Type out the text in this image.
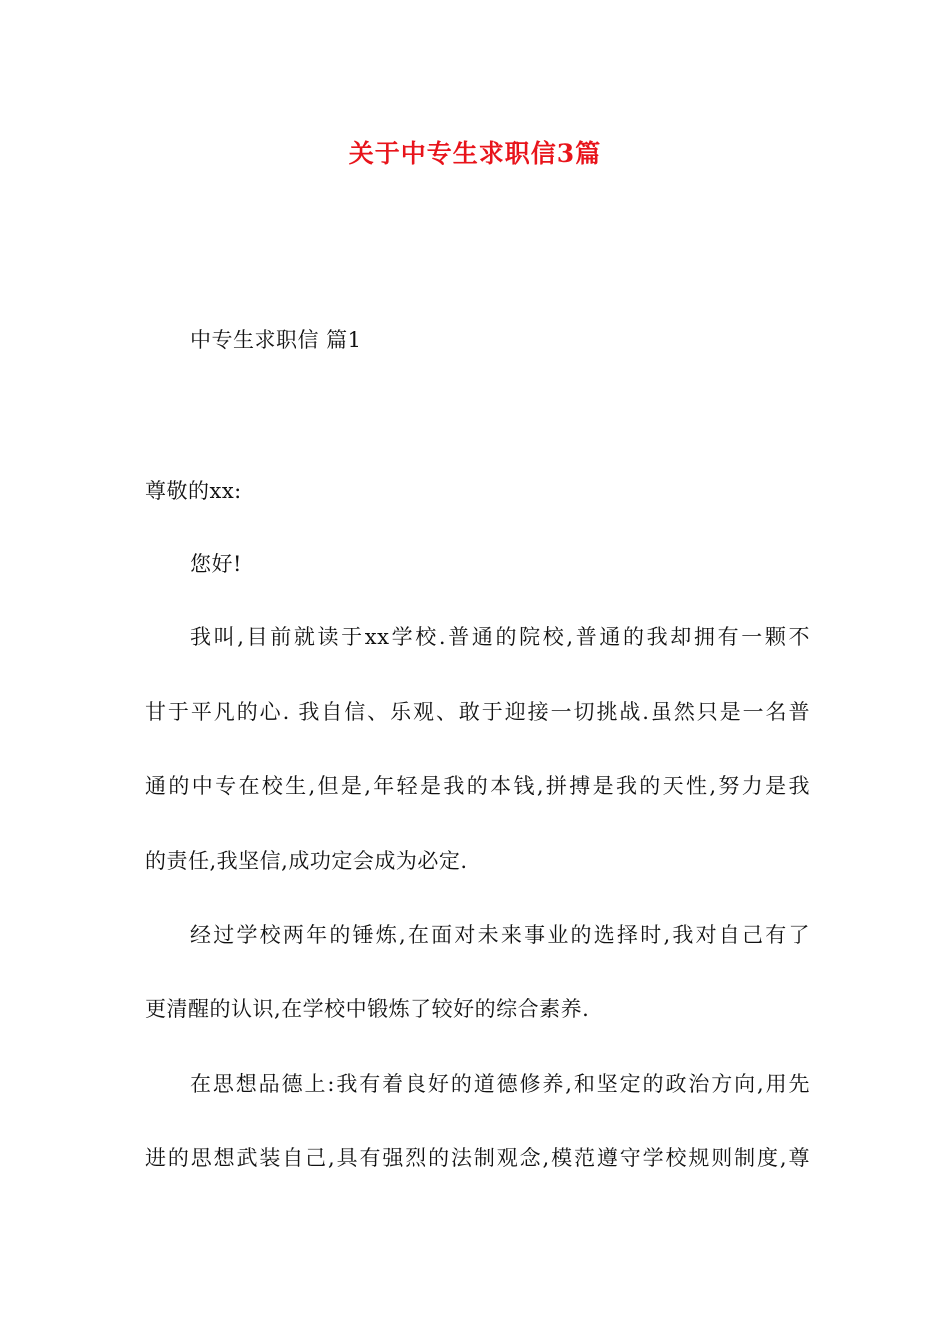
关于中专生求职信3篇
中专生求职信 篇1
尊敬的xx:
您好!
我叫,目前就读于xx学校.普通的院校,普通的我却拥有一颗不
甘于平凡的心. 我自信、乐观、敢于迎接一切挑战.虽然只是一名普
通的中专在校生,但是,年轻是我的本钱,拼搏是我的天性,努力是我
的责任,我坚信,成功定会成为必定.
经过学校两年的锤炼,在面对未来事业的选择时,我对自己有了
更清醒的认识,在学校中锻炼了较好的综合素养.
在思想品德上:我有着良好的道德修养,和坚定的政治方向,用先
进的思想武装自己,具有强烈的法制观念,模范遵守学校规则制度,尊
